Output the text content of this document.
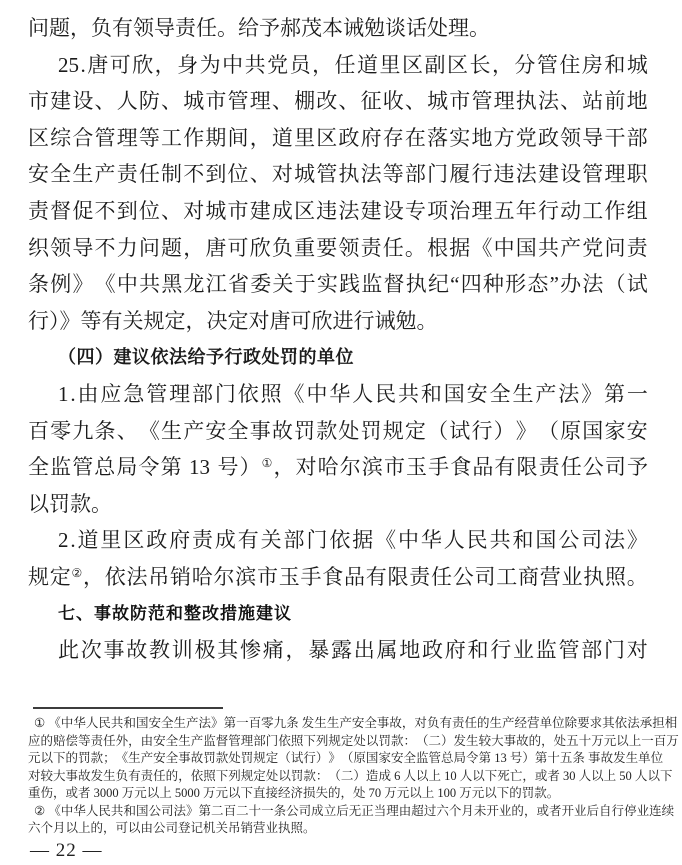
问题，负有领导责任。给予郝茂本诫勉谈话处理。
25 . 唐 可 欣 ， 身 为 中 共 党 员 ， 任 道 里 区 副 区 长 ， 分 管 住 房 和 城
市 建 设 、 人 防 、 城 市 管 理 、 棚 改 、 征 收 、 城 市 管 理 执 法 、 站 前 地
区 综 合 管 理 等 工 作 期 间 ， 道 里 区 政 府 存 在 落 实 地 方 党 政 领 导 干 部
安 全 生 产 责 任 制 不 到 位 、 对 城 管 执 法 等 部 门 履 行 违 法 建 设 管 理 职
责 督 促 不 到 位 、 对 城 市 建 成 区 违 法 建 设 专 项 治 理 五 年 行 动 工 作 组
织 领 导 不 力 问 题 ， 唐 可 欣 负 重 要 领 责 任 。 根 据 《 中 国 共 产 党 问 责
条 例 》 《 中 共 黑 龙 江 省 委 关 于 实 践 监 督 执 纪 “ 四 种 形 态 ” 办 法 （ 试
行）》等有关规定，决定对唐可欣进行诫勉。
（四）建议依法给予行政处罚的单位
1 . 由 应 急 管 理 部 门 依 照 《 中 华 人 民 共 和 国 安 全 生 产 法 》 第 一
百 零 九 条 、 《 生 产 安 全 事 故 罚 款 处 罚 规 定 （ 试 行 ） 》 （ 原 国 家 安
全 监 管 总 局 令 第
13
号 ） ① ， 对 哈 尔 滨 市 玉 手 食 品 有 限 责 任 公 司 予
以罚款。
2 . 道 里 区 政 府 责 成 有 关 部 门 依 据 《 中 华 人 民 共 和 国 公 司 法 》
规 定 ② ， 依 法 吊 销 哈 尔 滨 市 玉 手 食 品 有 限 责 任 公 司 工 商 营 业 执 照 。
七、事故防范和整改措施建议
此 次 事 故 教 训 极 其 惨 痛 ， 暴 露 出 属 地 政 府 和 行 业 监 管 部 门 对
①
《 中 华 人 民 共 和 国 安 全 生 产 法 》 第 一 百 零 九 条
发 生 生 产 安 全 事 故 ， 对 负 有 责 任 的 生 产 经 营 单 位 除 要 求 其 依 法 承 担 相
应 的 赔 偿 等 责 任 外 ， 由 安 全 生 产 监 督 管 理 部 门 依 照 下 列 规 定 处 以 罚 款 ： （ 二 ） 发 生 较 大 事 故 的 ， 处 五 十 万 元 以 上 一 百 万
元 以 下 的 罚 款 ； 《 生 产 安 全 事 故 罚 款 处 罚 规 定 （ 试 行 ） 》 （ 原 国 家 安 全 监 管 总 局 令 第
13
号 ） 第 十 五 条
事 故 发 生 单 位
对 较 大 事 故 发 生 负 有 责 任 的 ， 依 照 下 列 规 定 处 以 罚 款 ： （ 二 ） 造 成
6
人 以 上
10
人 以 下 死 亡 ， 或 者
30
人 以 上
50
人 以 下
重伤，或者 3000 万元以上 5000 万元以下直接经济损失的，处 70 万元以上 100 万元以下的罚款。
②
《 中 华 人 民 共 和 国 公 司 法 》 第 二 百 二 十 一 条 公 司 成 立 后 无 正 当 理 由 超 过 六 个 月 未 开 业 的 ， 或 者 开 业 后 自 行 停 业 连 续
六个月以上的，可以由公司登记机关吊销营业执照。
— 22 —
